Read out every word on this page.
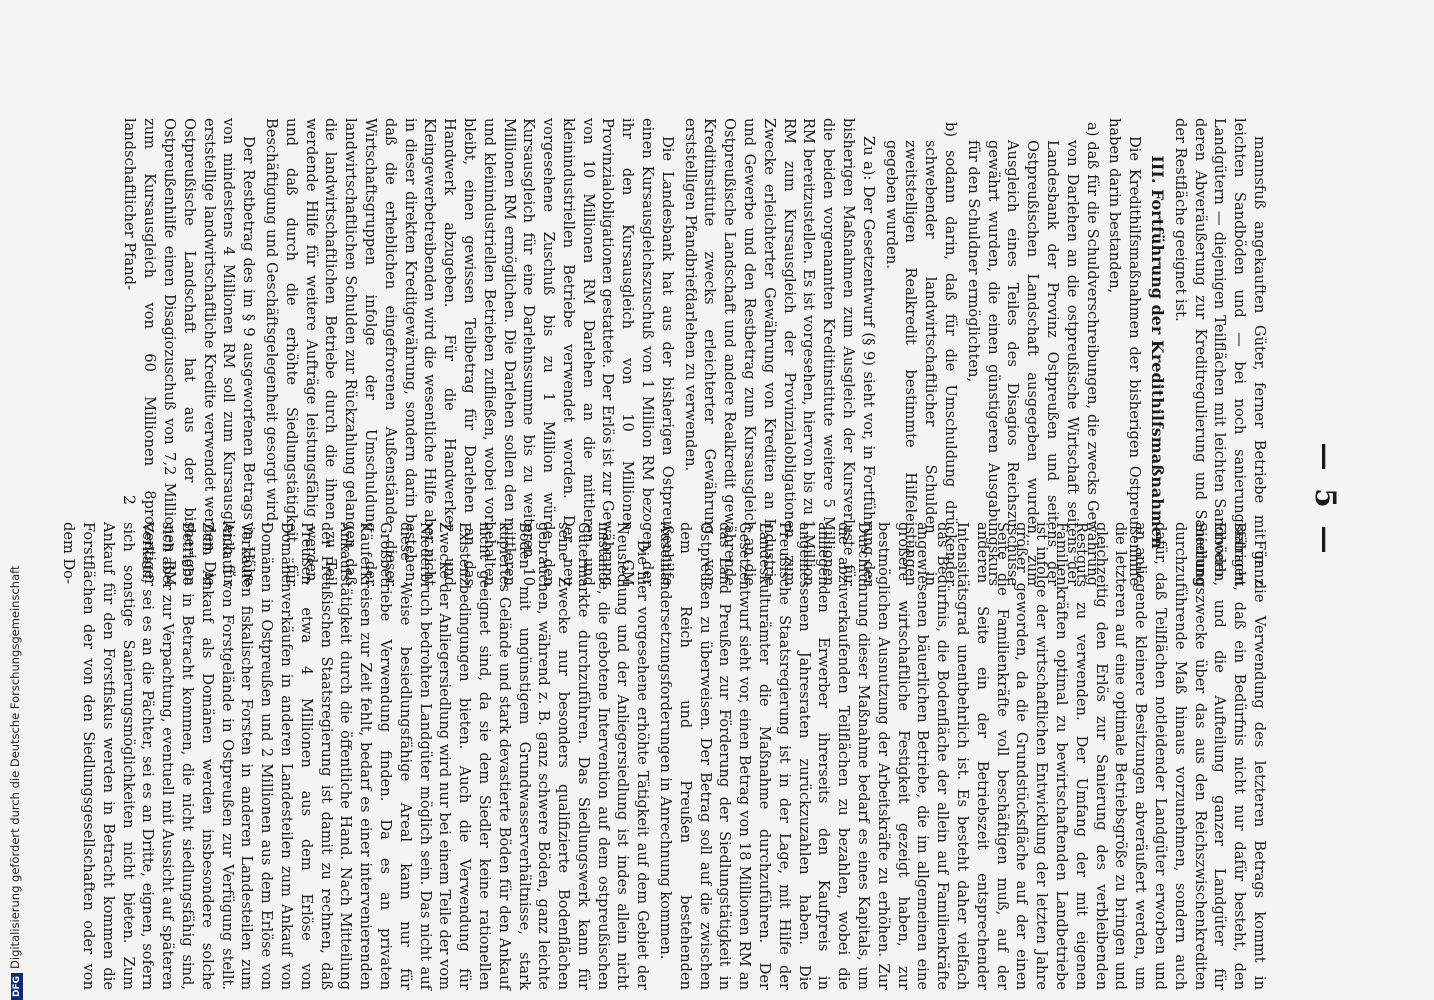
— 5 —

mannsfuß angekauften Güter, ferner Betriebe mit ganz leichten Sandböden und — bei noch sanierungsfähigen Landgütern — diejenigen Teilflächen mit leichten Sandböden, deren Abveräußerung zur Kreditregulierung und Sanierung der Restfläche geeignet ist.

III. Fortführung der Kredithilfsmaßnahmen

Die Kredithilfsmaßnahmen der bisherigen Ostpreußenhilfe haben darin bestanden,

a) daß für die Schuldverschreibungen, die zwecks Gewährung von Darlehen an die ostpreußische Wirtschaft seitens der Landesbank der Provinz Ostpreußen und seitens der Ostpreußischen Landschaft ausgegeben wurden, zum Ausgleich eines Teiles des Disagios Reichszuschüsse gewährt wurden, die einen günstigeren Ausgabungskurs für den Schuldner ermöglichten,

b) sodann darin, daß für die Umschuldung drückender schwebender landwirtschaftlicher Schulden in zweitstelligen Realkredit bestimmte Hilfeleistungen gegeben wurden.

Zu a): Der Gesetzentwurf (§ 9) sieht vor, in Fortführung der bisherigen Maßnahmen zum Ausgleich der Kursverluste für die beiden vorgenannten Kreditinstitute weitere 5 Millionen RM bereitzustellen. Es ist vorgesehen, hiervon bis zu 1 Million RM zum Kursausgleich der Provinzialobligationen zum Zwecke erleichterter Gewährung von Krediten an Industrie und Gewerbe und den Restbetrag zum Kursausgleich an die Ostpreußische Landschaft und andere Realkredit gewährende Kreditinstitute zwecks erleichterter Gewährung von erststelligen Pfandbriefdarlehen zu verwenden.

Die Landesbank hat aus der bisherigen Ostpreußenhilfe einen Kursausgleichszuschuß von 1 Million RM bezogen, der ihr den Kursausgleich von 10 Millionen GM Provinzialobligationen gestattete. Der Erlös ist zur Gewährung von 10 Millionen RM Darlehen an die mittleren und kleinindustriellen Betriebe verwendet worden. Der neu vorgesehene Zuschuß bis zu 1 Million würde den Kursausgleich für eine Darlehnssumme bis zu weiteren 10 Millionen RM ermöglichen. Die Darlehen sollen den mittleren und kleinindustriellen Betrieben zufließen, wobei vorbehalten bleibt, einen gewissen Teilbetrag für Darlehen an das Handwerk abzugeben. Für die Handwerker und Kleingewerbetreibenden wird die wesentliche Hilfe aber nicht in dieser direkten Kreditgewährung, sondern darin bestehen, daß die erheblichen eingefrorenen Außenstände dieser Wirtschaftsgruppen infolge der Umschuldung der landwirtschaftlichen Schulden zur Rückzahlung gelangen, daß die landwirtschaftlichen Betriebe durch die ihnen zu Teil werdende Hilfe für weitere Aufträge leistungsfähig werden, und daß durch die erhöhte Siedlungstätigkeit für Beschäftigung und Geschäftsgelegenheit gesorgt wird.

Der Restbetrag des im § 9 ausgeworfenen Betrags in Höhe von mindestens 4 Millionen RM soll zum Kursausgleich für erststellige landwirtschaftliche Kredite verwendet werden. Die Ostpreußische Landschaft hat aus der bisherigen Ostpreußenhilfe einen Disagiozuschuß von 7,2 Millionen RM zum Kursausgleich von 60 Millionen 8prozentiger landschaftlicher Pfand-

Für die Verwendung des letzteren Betrags kommt in Betracht, daß ein Bedürfnis nicht nur dafür besteht, den Erwerb und die Aufteilung ganzer Landgüter für Siedlungszwecke über das aus den Reichszwischenkrediten durchzuführende Maß hinaus vorzunehmen, sondern auch dafür, daß Teilflächen notleidender Landgüter erworben und an anliegende kleinere Besitzungen abveräußert werden, um die letzteren auf eine optimale Betriebsgröße zu bringen und gleichzeitig den Erlös zur Sanierung des verbleibenden Restguts zu verwenden. Der Umfang der mit eigenen Familienkräften optimal zu bewirtschaftenden Landbetriebe ist infolge der wirtschaftlichen Entwicklung der letzten Jahre größer geworden, da die Grundstücksfläche auf der einen Seite die Familienkräfte voll beschäftigen muß, auf der anderen Seite ein der Betriebszeit entsprechender Intensitätsgrad unentbehrlich ist. Es besteht daher vielfach das Bedürfnis, die Bodenfläche der allein auf Familienkräfte angewiesenen bäuerlichen Betriebe, die im allgemeinen eine größere wirtschaftliche Festigkeit gezeigt haben, zur bestmöglichen Ausnutzung der Arbeitskräfte zu erhöhen. Zur Durchführung dieser Maßnahme bedarf es eines Kapitals, um die abzuverkaufenden Teilflächen zu bezahlen, wobei die anliegenden Erwerber ihrerseits den Kaufpreis in angemessenen Jahresraten zurückzuzahlen haben. Die Preußische Staatsregierung ist in der Lage, mit Hilfe der Landeskulturämter die Maßnahme durchzuführen. Der Gesetzentwurf sieht vor, einen Betrag von 18 Millionen RM an das Land Preußen zur Förderung der Siedlungstätigkeit in Ostpreußen zu überweisen. Der Betrag soll auf die zwischen dem Reich und Preußen bestehenden Auseinandersetzungsforderungen in Anrechnung kommen.

Die hier vorgesehene erhöhte Tätigkeit auf dem Gebiet der Neusiedlung und der Anliegersiedlung ist indes allein nicht imstande, die gebotene Intervention auf dem ostpreußischen Gütermarkte durchzuführen. Das Siedlungswerk kann für seine Zwecke nur besonders qualifizierte Bodenflächen gebrauchen, während z. B. ganz schwere Böden, ganz leichte Böden mit ungünstigem Grundwasserverhältnisse, stark kupiertes Gelände und stark devastierte Böden für den Ankauf nicht geeignet sind, da sie dem Siedler keine rationellen Existenzbedingungen bieten. Auch die Verwendung für Zwecke der Anliegersiedlung wird nur bei einem Teile der vom Niederbruch bedrohten Landgüter möglich sein. Das nicht auf diese Weise besiedlungsfähige Areal kann nur für Großbetriebe Verwendung finden. Da es an privaten Käuferkreisen zur Zeit fehlt, bedarf es einer intervenierenden Ankaufstätigkeit durch die öffentliche Hand. Nach Mitteilung der Preußischen Staatsregierung ist damit zu rechnen, daß Preußen etwa 4 Millionen aus dem Erlöse von Domänenverkäufen in anderen Landesteilen zum Ankauf von Domänen in Ostpreußen und 2 Millionen aus dem Erlöse von Verkäufen fiskalischer Forsten in anderen Landesteilen zum Ankauf von Forstgelände in Ostpreußen zur Verfügung stellt. Zum Ankauf als Domänen werden insbesondere solche Betriebe in Betracht kommen, die nicht siedlungsfähig sind, sich aber zur Verpachtung, eventuell mit Aussicht auf späteren Verkauf, sei es an die Pächter, sei es an Dritte, eignen, sofern sich sonstige Sanierungsmöglichkeiten nicht bieten. Zum Ankauf für den Forstfiskus werden in Betracht kommen die Forstflächen der von den Siedlungsgesellschaften oder von dem Do-

2
DFGDigitalisierung gefördert durch die Deutsche Forschungsgemeinschaft
